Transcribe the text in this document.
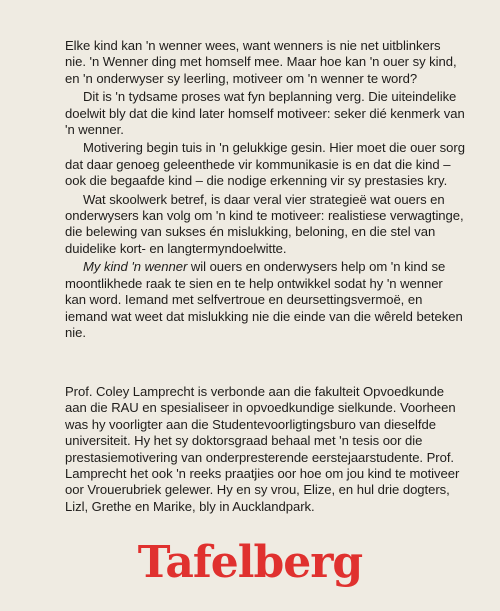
Elke kind kan 'n wenner wees, want wenners is nie net uitblinkers nie. 'n Wenner ding met homself mee. Maar hoe kan 'n ouer sy kind, en 'n onderwyser sy leerling, motiveer om 'n wenner te word?

Dit is 'n tydsame proses wat fyn beplanning verg. Die uiteindelike doelwit bly dat die kind later homself motiveer: seker dié kenmerk van 'n wenner.

Motivering begin tuis in 'n gelukkige gesin. Hier moet die ouer sorg dat daar genoeg geleenthede vir kommunikasie is en dat die kind – ook die begaafde kind – die nodige erkenning vir sy prestasies kry.

Wat skoolwerk betref, is daar veral vier strategieë wat ouers en onderwysers kan volg om 'n kind te motiveer: realistiese verwagtinge, die belewing van sukses én mislukking, beloning, en die stel van duidelike kort- en langtermyndoelwitte.

My kind 'n wenner wil ouers en onderwysers help om 'n kind se moontlikhede raak te sien en te help ontwikkel sodat hy 'n wenner kan word. Iemand met selfvertroue en deursettingsvermoë, en iemand wat weet dat mislukking nie die einde van die wêreld beteken nie.

Prof. Coley Lamprecht is verbonde aan die fakulteit Opvoedkunde aan die RAU en spesialiseer in opvoedkundige sielkunde. Voorheen was hy voorligter aan die Studentevoorligtingsburo van dieselfde universiteit. Hy het sy doktorsgraad behaal met 'n tesis oor die prestasiemotivering van onderpresterende eerstejaarstudente. Prof. Lamprecht het ook 'n reeks praatjies oor hoe om jou kind te motiveer oor Vrouerubriek gelewer. Hy en sy vrou, Elize, en hul drie dogters, Lizl, Grethe en Marike, bly in Aucklandpark.

Tafelberg
